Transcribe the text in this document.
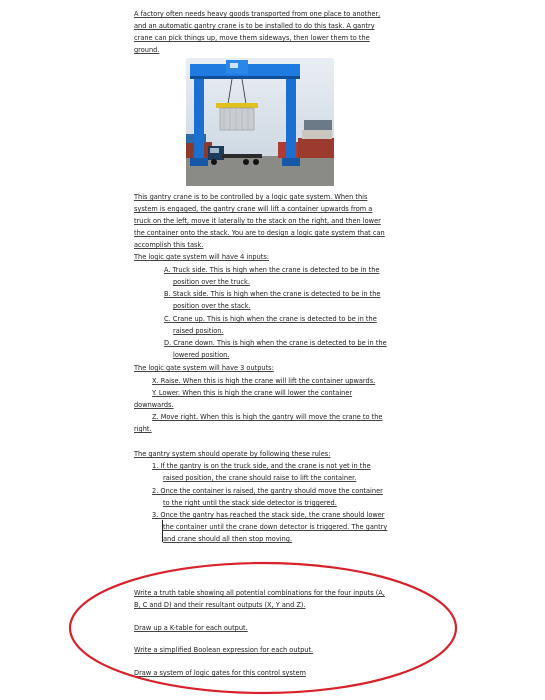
A factory often needs heavy goods transported from one place to another,
and an automatic gantry crane is to be installed to do this task. A gantry
crane can pick things up, move them sideways, then lower them to the
ground.
This gantry crane is to be controlled by a logic gate system. When this
system is engaged, the gantry crane will lift a container upwards from a
truck on the left, move it laterally to the stack on the right, and then lower
the container onto the stack. You are to design a logic gate system that can
accomplish this task.
The logic gate system will have 4 inputs:
A. Truck side. This is high when the crane is detected to be in the
position over the truck.
B. Stack side. This is high when the crane is detected to be in the
position over the stack.
C. Crane up. This is high when the crane is detected to be in the
raised position.
D. Crane down. This is high when the crane is detected to be in the
lowered position.
The logic gate system will have 3 outputs:
X. Raise. When this is high the crane will lift the container upwards.
Y. Lower. When this is high the crane will lower the container
downwards.
Z. Move right. When this is high the gantry will move the crane to the
right.
The gantry system should operate by following these rules:
1. If the gantry is on the truck side, and the crane is not yet in the
raised position, the crane should raise to lift the container.
2. Once the container is raised, the gantry should move the container
to the right until the stack side detector is triggered.
3. Once the gantry has reached the stack side, the crane should lower
the container until the crane down detector is triggered. The gantry
and crane should all then stop moving.
Write a truth table showing all potential combinations for the four inputs (A,
B, C and D) and their resultant outputs (X, Y and Z).
Draw up a K-table for each output.
Write a simplified Boolean expression for each output.
Draw a system of logic gates for this control system
